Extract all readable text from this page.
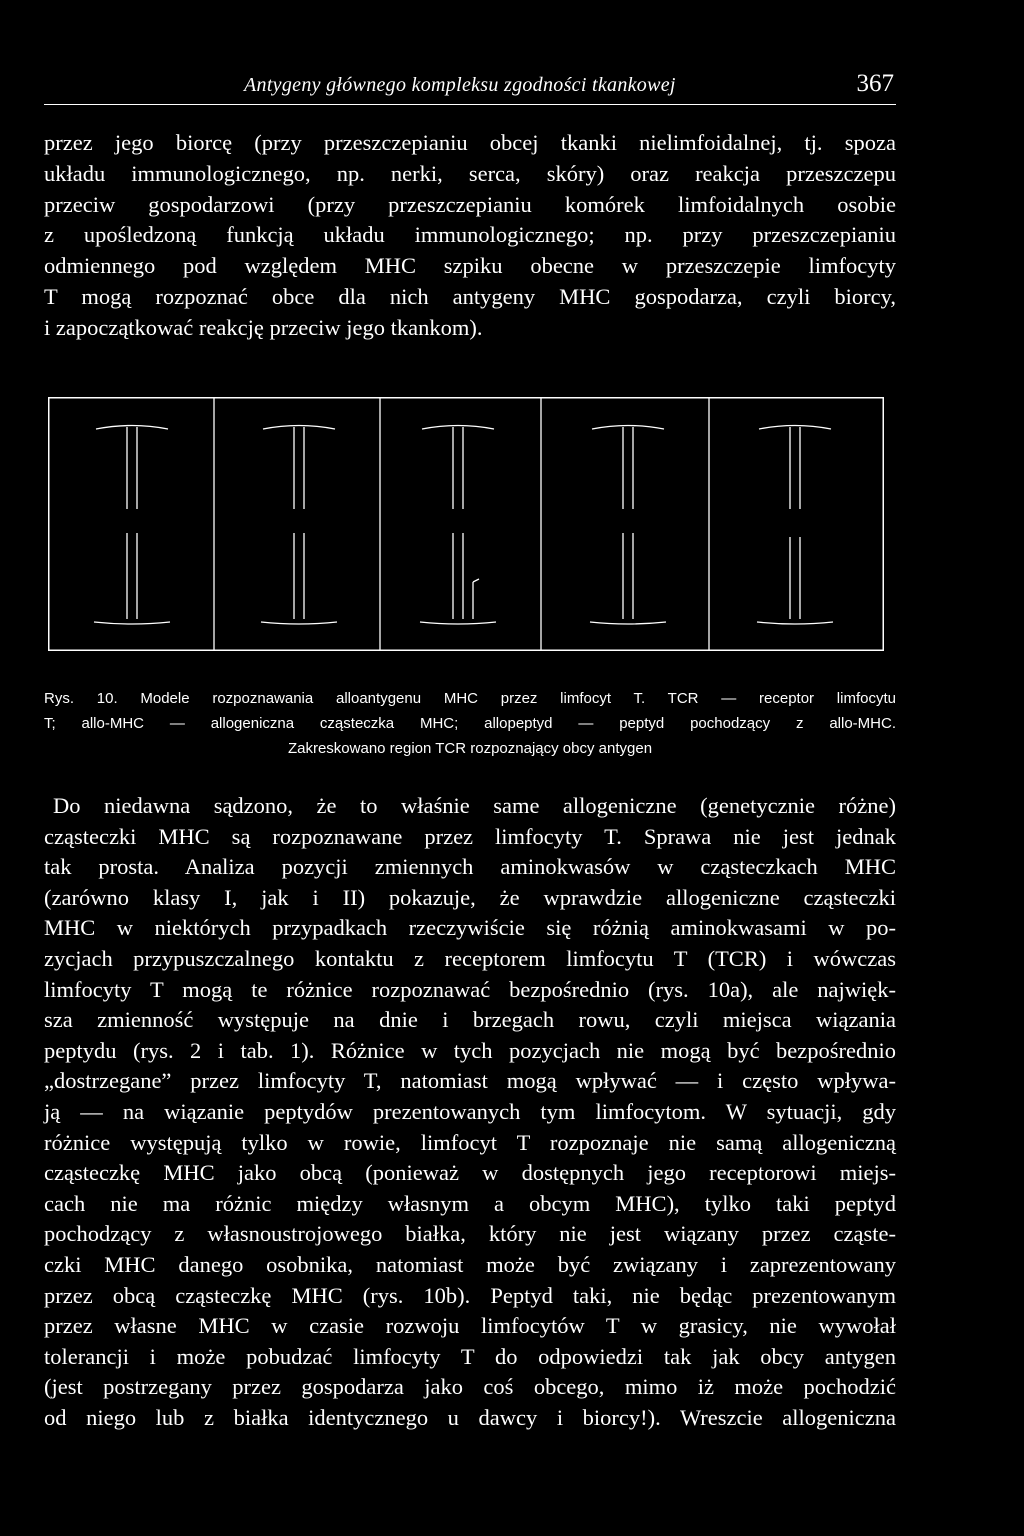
Antygeny głównego kompleksu zgodności tkankowej	367
przez jego biorcę (przy przeszczepianiu obcej tkanki nielimfoidalnej, tj. spoza
układu immunologicznego, np. nerki, serca, skóry) oraz reakcja przeszczepu
przeciw gospodarzowi (przy przeszczepianiu komórek limfoidalnych osobie
z upośledzoną funkcją układu immunologicznego; np. przy przeszczepianiu
odmiennego pod względem MHC szpiku obecne w przeszczepie limfocyty
T mogą rozpoznać obce dla nich antygeny MHC gospodarza, czyli biorcy,
i zapoczątkować reakcję przeciw jego tkankom).
Rys. 10. Modele rozpoznawania alloantygenu MHC przez limfocyt T. TCR — receptor limfocytu
T; allo-MHC — allogeniczna cząsteczka MHC; allopeptyd — peptyd pochodzący z allo-MHC.
Zakreskowano region TCR rozpoznający obcy antygen
Do niedawna sądzono, że to właśnie same allogeniczne (genetycznie różne)
cząsteczki MHC są rozpoznawane przez limfocyty T. Sprawa nie jest jednak
tak prosta. Analiza pozycji zmiennych aminokwasów w cząsteczkach MHC
(zarówno klasy I, jak i II) pokazuje, że wprawdzie allogeniczne cząsteczki
MHC w niektórych przypadkach rzeczywiście się różnią aminokwasami w po-
zycjach przypuszczalnego kontaktu z receptorem limfocytu T (TCR) i wówczas
limfocyty T mogą te różnice rozpoznawać bezpośrednio (rys. 10a), ale najwięk-
sza zmienność występuje na dnie i brzegach rowu, czyli miejsca wiązania
peptydu (rys. 2 i tab. 1). Różnice w tych pozycjach nie mogą być bezpośrednio
„dostrzegane” przez limfocyty T, natomiast mogą wpływać — i często wpływa-
ją — na wiązanie peptydów prezentowanych tym limfocytom. W sytuacji, gdy
różnice występują tylko w rowie, limfocyt T rozpoznaje nie samą allogeniczną
cząsteczkę MHC jako obcą (ponieważ w dostępnych jego receptorowi miejs-
cach nie ma różnic między własnym a obcym MHC), tylko taki peptyd
pochodzący z własnoustrojowego białka, który nie jest wiązany przez cząste-
czki MHC danego osobnika, natomiast może być związany i zaprezentowany
przez obcą cząsteczkę MHC (rys. 10b). Peptyd taki, nie będąc prezentowanym
przez własne MHC w czasie rozwoju limfocytów T w grasicy, nie wywołał
tolerancji i może pobudzać limfocyty T do odpowiedzi tak jak obcy antygen
(jest postrzegany przez gospodarza jako coś obcego, mimo iż może pochodzić
od niego lub z białka identycznego u dawcy i biorcy!). Wreszcie allogeniczna
